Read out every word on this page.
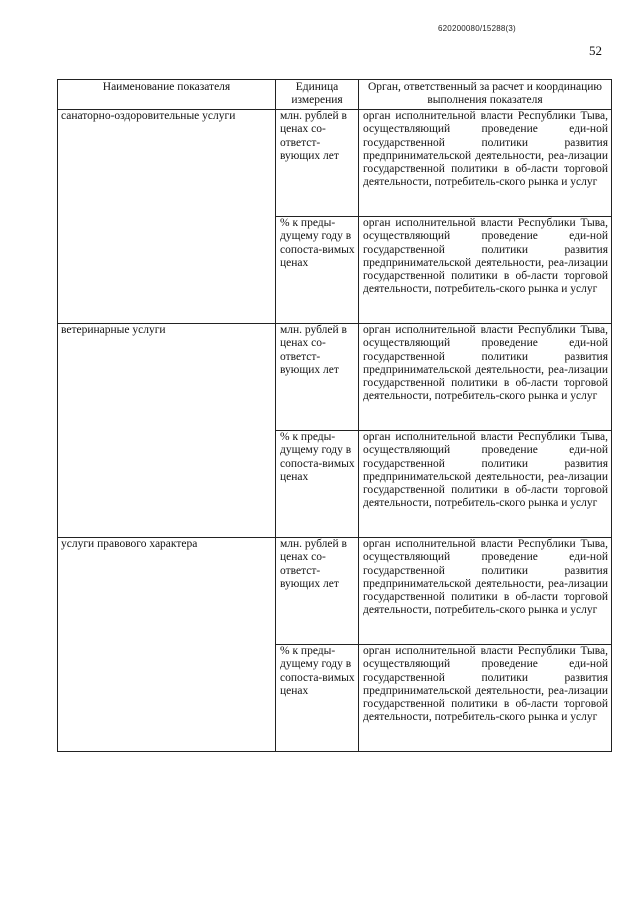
620200080/15288(3)
52
Наименование показателя	Единица измерения	Орган, ответственный за расчет и координацию выполнения показателя
санаторно-оздоровительные услуги	млн. рублей в ценах со-ответст-вующих лет	орган исполнительной власти Республики Тыва, осуществляющий проведение еди-ной государственной политики развития предпринимательской деятельности, реа-лизации государственной политики в об-ласти торговой деятельности, потребитель-ского рынка и услуг
	% к преды-дущему году в сопоста-вимых ценах	орган исполнительной власти Республики Тыва, осуществляющий проведение еди-ной государственной политики развития предпринимательской деятельности, реа-лизации государственной политики в об-ласти торговой деятельности, потребитель-ского рынка и услуг
ветеринарные услуги	млн. рублей в ценах со-ответст-вующих лет	орган исполнительной власти Республики Тыва, осуществляющий проведение еди-ной государственной политики развития предпринимательской деятельности, реа-лизации государственной политики в об-ласти торговой деятельности, потребитель-ского рынка и услуг
	% к преды-дущему году в сопоста-вимых ценах	орган исполнительной власти Республики Тыва, осуществляющий проведение еди-ной государственной политики развития предпринимательской деятельности, реа-лизации государственной политики в об-ласти торговой деятельности, потребитель-ского рынка и услуг
услуги правового характера	млн. рублей в ценах со-ответст-вующих лет	орган исполнительной власти Республики Тыва, осуществляющий проведение еди-ной государственной политики развития предпринимательской деятельности, реа-лизации государственной политики в об-ласти торговой деятельности, потребитель-ского рынка и услуг
	% к преды-дущему году в сопоста-вимых ценах	орган исполнительной власти Республики Тыва, осуществляющий проведение еди-ной государственной политики развития предпринимательской деятельности, реа-лизации государственной политики в об-ласти торговой деятельности, потребитель-ского рынка и услуг
